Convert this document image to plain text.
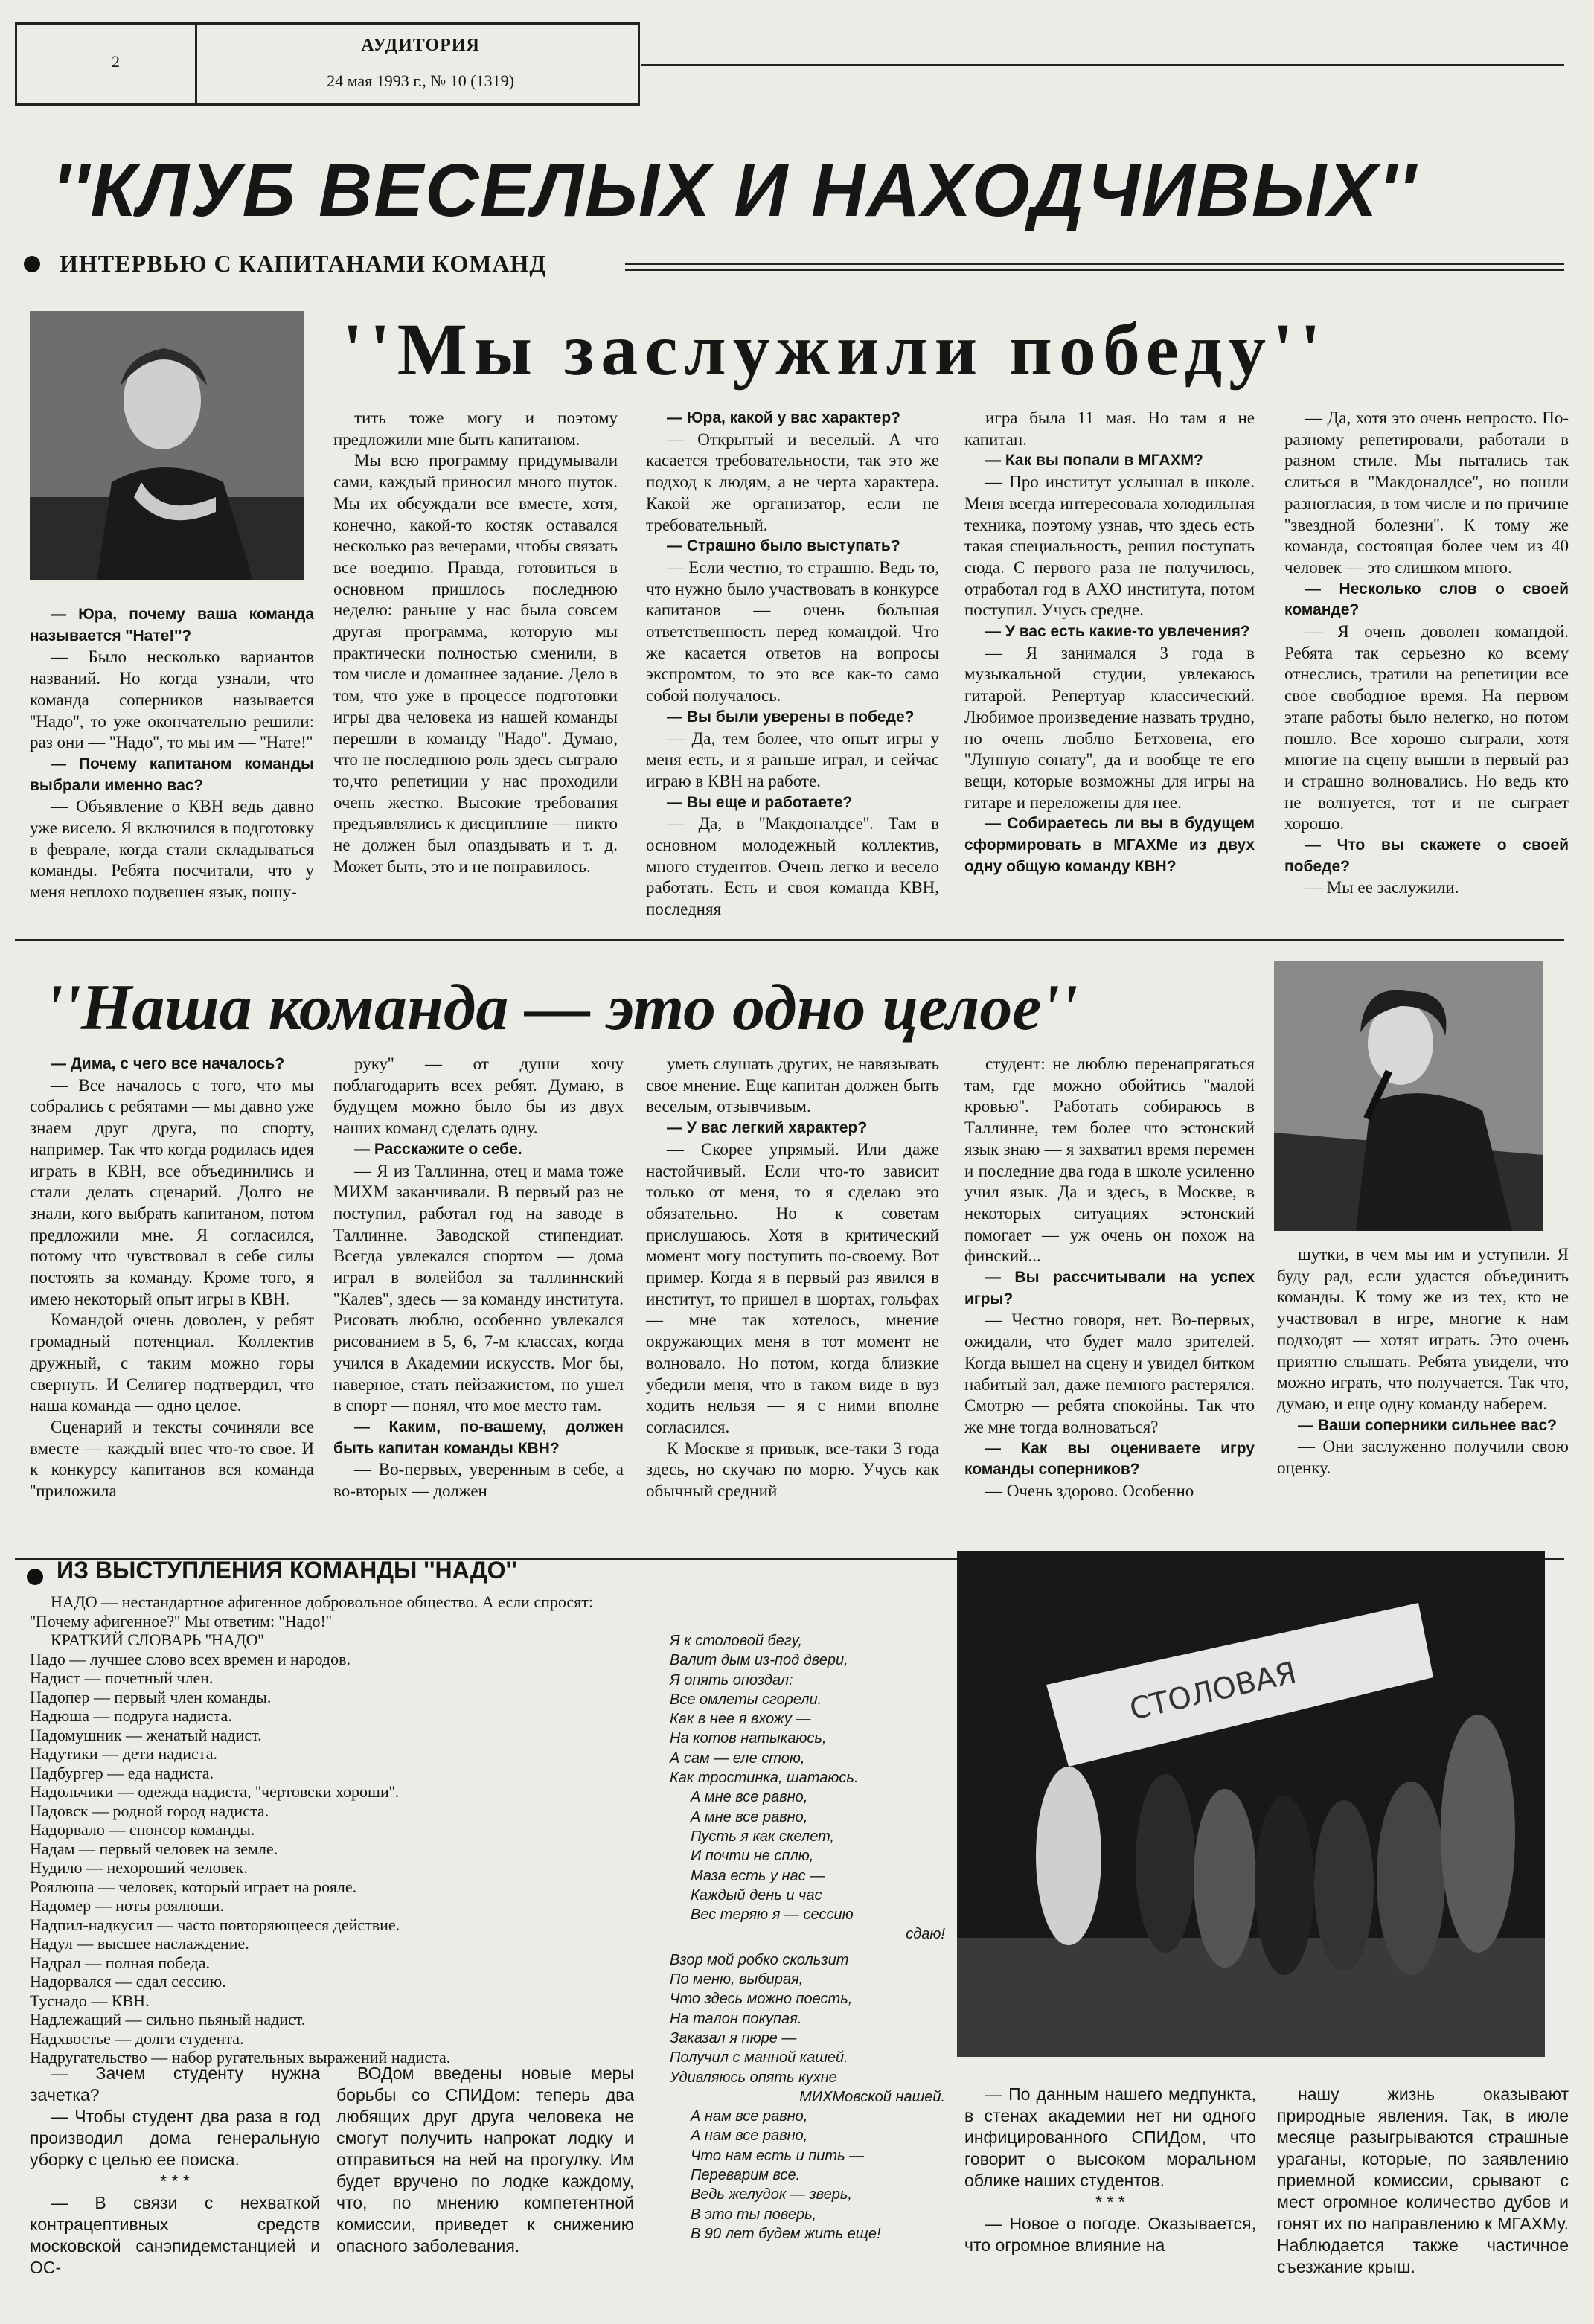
2
АУДИТОРИЯ
24 мая 1993 г., № 10 (1319)
''КЛУБ ВЕСЕЛЫХ И НАХОДЧИВЫХ''
ИНТЕРВЬЮ С КАПИТАНАМИ КОМАНД
''Мы заслужили победу''

— Юра, почему ваша команда называется ''Нате!''?

— Было несколько вариантов названий. Но когда узнали, что команда соперников называется ''Надо'', то уже окончательно решили: раз они — ''Надо'', то мы им — ''Нате!''

— Почему капитаном команды выбрали именно вас?

— Объявление о КВН ведь давно уже висело. Я включился в подготовку в феврале, когда стали складываться команды. Ребята посчитали, что у меня неплохо подвешен язык, пошу-

тить тоже могу и поэтому предложили мне быть капитаном.

Мы всю программу придумывали сами, каждый приносил много шуток. Мы их обсуждали все вместе, хотя, конечно, какой-то костяк оставался несколько раз вечерами, чтобы связать все воедино. Правда, готовиться в основном пришлось последнюю неделю: раньше у нас была совсем другая программа, которую мы практически полностью сменили, в том числе и домашнее задание. Дело в том, что уже в процессе подготовки игры два человека из нашей команды перешли в команду ''Надо''. Думаю, что не последнюю роль здесь сыграло то,что репетиции у нас проходили очень жестко. Высокие требования предъявлялись к дисциплине — никто не должен был опаздывать и т. д. Может быть, это и не понравилось.

— Юра, какой у вас характер?

— Открытый и веселый. А что касается требовательности, так это же подход к людям, а не черта характера. Какой же организатор, если не требовательный.

— Страшно было выступать?

— Если честно, то страшно. Ведь то, что нужно было участвовать в конкурсе капитанов — очень большая ответственность перед командой. Что же касается ответов на вопросы экспромтом, то это все как-то само собой получалось.

— Вы были уверены в победе?

— Да, тем более, что опыт игры у меня есть, и я раньше играл, и сейчас играю в КВН на работе.

— Вы еще и работаете?

— Да, в ''Макдоналдсе''. Там в основном молодежный коллектив, много студентов. Очень легко и весело работать. Есть и своя команда КВН, последняя

игра была 11 мая. Но там я не капитан.

— Как вы попали в МГАХМ?

— Про институт услышал в школе. Меня всегда интересовала холодильная техника, поэтому узнав, что здесь есть такая специальность, решил поступать сюда. С первого раза не получилось, отработал год в АХО института, потом поступил. Учусь средне.

— У вас есть какие-то увлечения?

— Я занимался 3 года в музыкальной студии, увлекаюсь гитарой. Репертуар классический. Любимое произведение назвать трудно, но очень люблю Бетховена, его ''Лунную сонату'', да и вообще те его вещи, которые возможны для игры на гитаре и переложены для нее.

— Собираетесь ли вы в будущем сформировать в МГАХМе из двух одну общую команду КВН?

— Да, хотя это очень непросто. По-разному репетировали, работали в разном стиле. Мы пытались так слиться в ''Макдоналдсе'', но пошли разногласия, в том числе и по причине ''звездной болезни''. К тому же команда, состоящая более чем из 40 человек — это слишком много.

— Несколько слов о своей команде?

— Я очень доволен командой. Ребята так серьезно ко всему отнеслись, тратили на репетиции все свое свободное время. На первом этапе работы было нелегко, но потом пошло. Все хорошо сыграли, хотя многие на сцену вышли в первый раз и страшно волновались. Но ведь кто не волнуется, тот и не сыграет хорошо.

— Что вы скажете о своей победе?

— Мы ее заслужили.

''Наша команда — это одно целое''

— Дима, с чего все началось?

— Все началось с того, что мы собрались с ребятами — мы давно уже знаем друг друга, по спорту, например. Так что когда родилась идея играть в КВН, все объединились и стали делать сценарий. Долго не знали, кого выбрать капитаном, потом предложили мне. Я согласился, потому что чувствовал в себе силы постоять за команду. Кроме того, я имею некоторый опыт игры в КВН.

Командой очень доволен, у ребят громадный потенциал. Коллектив дружный, с таким можно горы свернуть. И Селигер подтвердил, что наша команда — одно целое.

Сценарий и тексты сочиняли все вместе — каждый внес что-то свое. И к конкурсу капитанов вся команда ''приложила

руку'' — от души хочу поблагодарить всех ребят. Думаю, в будущем можно было бы из двух наших команд сделать одну.

— Расскажите о себе.

— Я из Таллинна, отец и мама тоже МИХМ заканчивали. В первый раз не поступил, работал год на заводе в Таллинне. Заводской стипендиат. Всегда увлекался спортом — дома играл в волейбол за таллиннский ''Калев'', здесь — за команду института. Рисовать люблю, особенно увлекался рисованием в 5, 6, 7-м классах, когда учился в Академии искусств. Мог бы, наверное, стать пейзажистом, но ушел в спорт — понял, что мое место там.

— Каким, по-вашему, должен быть капитан команды КВН?

— Во-первых, уверенным в себе, а во-вторых — должен

уметь слушать других, не навязывать свое мнение. Еще капитан должен быть веселым, отзывчивым.

— У вас легкий характер?

— Скорее упрямый. Или даже настойчивый. Если что-то зависит только от меня, то я сделаю это обязательно. Но к советам прислушаюсь. Хотя в критический момент могу поступить по-своему. Вот пример. Когда я в первый раз явился в институт, то пришел в шортах, гольфах — мне так хотелось, мнение окружающих меня в тот момент не волновало. Но потом, когда близкие убедили меня, что в таком виде в вуз ходить нельзя — я с ними вполне согласился.

К Москве я привык, все-таки 3 года здесь, но скучаю по морю. Учусь как обычный средний

студент: не люблю перенапрягаться там, где можно обойтись ''малой кровью''. Работать собираюсь в Таллинне, тем более что эстонский язык знаю — я захватил время перемен и последние два года в школе усиленно учил язык. Да и здесь, в Москве, в некоторых ситуациях эстонский помогает — уж очень он похож на финский...

— Вы рассчитывали на успех игры?

— Честно говоря, нет. Во-первых, ожидали, что будет мало зрителей. Когда вышел на сцену и увидел битком набитый зал, даже немного растерялся. Смотрю — ребята спокойны. Так что же мне тогда волноваться?

— Как вы оцениваете игру команды соперников?

— Очень здорово. Особенно

шутки, в чем мы им и уступили. Я буду рад, если удастся объединить команды. К тому же из тех, кто не участвовал в игре, многие к нам подходят — хотят играть. Это очень приятно слышать. Ребята увидели, что можно играть, что получается. Так что, думаю, и еще одну команду наберем.

— Ваши соперники сильнее вас?

— Они заслуженно получили свою оценку.

ИЗ ВЫСТУПЛЕНИЯ КОМАНДЫ ''НАДО''
НАДО — нестандартное афигенное добровольное общество. А если спросят: ''Почему афигенное?'' Мы ответим: ''Надо!''
КРАТКИЙ СЛОВАРЬ ''НАДО''
Надо — лучшее слово всех времен и народов.
Надист — почетный член.
Надопер — первый член команды.
Надюша — подруга надиста.
Надомушник — женатый надист.
Надутики — дети надиста.
Надбургер — еда надиста.
Надольчики — одежда надиста, ''чертовски хороши''.
Надовск — родной город надиста.
Надорвало — спонсор команды.
Надам — первый человек на земле.
Нудило — нехороший человек.
Роялюша — человек, который играет на рояле.
Надомер — ноты роялюши.
Надпил-надкусил — часто повторяющееся действие.
Надул — высшее наслаждение.
Надрал — полная победа.
Надорвался — сдал сессию.
Туснадо — КВН.
Надлежащий — сильно пьяный надист.
Надхвостье — долги студента.
Надругательство — набор ругательных выражений надиста.
Я к столовой бегу,
Валит дым из-под двери,
Я опять опоздал:
Все омлеты сгорели.
Как в нее я вхожу —
На котов натыкаюсь,
А сам — еле стою,
Как тростинка, шатаюсь.
А мне все равно,
А мне все равно,
Пусть я как скелет,
И почти не сплю,
Маза есть у нас —
Каждый день и час
Вес теряю я — сессию
сдаю!
Взор мой робко скользит
По меню, выбирая,
Что здесь можно поесть,
На талон покупая.
Заказал я пюре —
Получил с манной кашей.
Удивляюсь опять кухне
МИХМовской нашей.
А нам все равно,
А нам все равно,
Что нам есть и пить —
Переварим все.
Ведь желудок — зверь,
В это ты поверь,
В 90 лет будем жить еще!
СТОЛОВАЯ
— Зачем студенту нужна зачетка?
— Чтобы студент два раза в год производил дома генеральную уборку с целью ее поиска.
* * *
— В связи с нехваткой контрацептивных средств московской санэпидемстанцией и ОС-
ВОДом введены новые меры борьбы со СПИДом: теперь два любящих друг друга человека не смогут получить напрокат лодку и отправиться на ней на прогулку. Им будет вручено по лодке каждому, что, по мнению компетентной комиссии, приведет к снижению опасного заболевания.
— По данным нашего медпункта, в стенах академии нет ни одного инфицированного СПИДом, что говорит о высоком моральном облике наших студентов.
* * *
— Новое о погоде. Оказывается, что огромное влияние на
нашу жизнь оказывают природные явления. Так, в июле месяце разыгрываются страшные ураганы, которые, по заявлению приемной комиссии, срывают с мест огромное количество дубов и гонят их по направлению к МГАХМу. Наблюдается также частичное съезжание крыш.
